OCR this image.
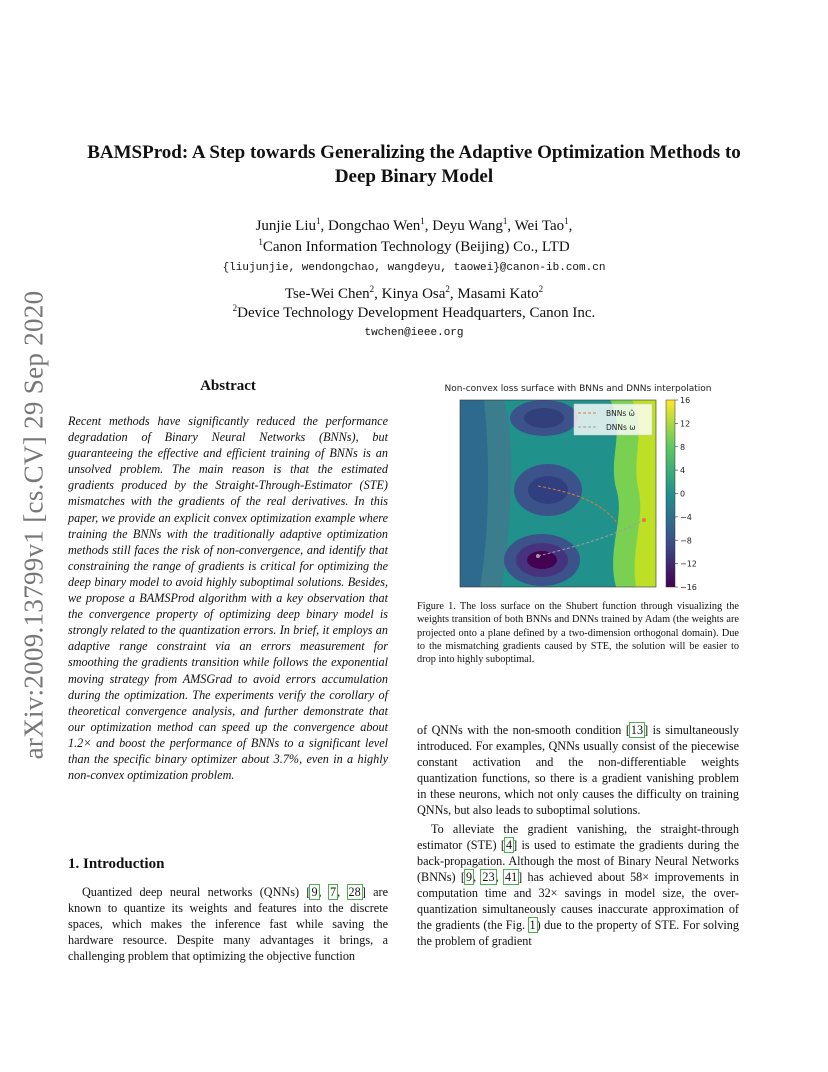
arXiv:2009.13799v1 [cs.CV] 29 Sep 2020
BAMSProd: A Step towards Generalizing the Adaptive Optimization Methods to
Deep Binary Model
Junjie Liu$^1$, Dongchao Wen$^1$, Deyu Wang$^1$, Wei Tao$^1$,
$^1$Canon Information Technology (Beijing) Co., LTD
{liujunjie, wendongchao, wangdeyu, taowei}@canon-ib.com.cn
Tse-Wei Chen$^2$, Kinya Osa$^2$, Masami Kato$^2$
$^2$Device Technology Development Headquarters, Canon Inc.
twchen@ieee.org
Abstract
Recent methods have significantly reduced the performance degradation of Binary Neural Networks (BNNs), but guaranteeing the effective and efficient training of BNNs is an unsolved problem. The main reason is that the estimated gradients produced by the Straight-Through-Estimator (STE) mismatches with the gradients of the real derivatives. In this paper, we provide an explicit convex optimization example where training the BNNs with the traditionally adaptive optimization methods still faces the risk of non-convergence, and identify that constraining the range of gradients is critical for optimizing the deep binary model to avoid highly suboptimal solutions. Besides, we propose a BAMSProd algorithm with a key observation that the convergence property of optimizing deep binary model is strongly related to the quantization errors. In brief, it employs an adaptive range constraint via an errors measurement for smoothing the gradients transition while follows the exponential moving strategy from AMSGrad to avoid errors accumulation during the optimization. The experiments verify the corollary of theoretical convergence analysis, and further demonstrate that our optimization method can speed up the convergence about 1.2× and boost the performance of BNNs to a significant level than the specific binary optimizer about 3.7%, even in a highly non-convex optimization problem.
1. Introduction
Quantized deep neural networks (QNNs) [9, 7, 28] are known to quantize its weights and features into the discrete spaces, which makes the inference fast while saving the hardware resource. Despite many advantages it brings, a challenging problem that optimizing the objective function
Non-convex loss surface with BNNs and DNNs interpolation
BNNs ω̂
DNNs ω
16
12
8
4
0
−4
−8
−12
−16
Figure 1. The loss surface on the Shubert function through visualizing the weights transition of both BNNs and DNNs trained by Adam (the weights are projected onto a plane defined by a two-dimension orthogonal domain). Due to the mismatching gradients caused by STE, the solution will be easier to drop into highly suboptimal.

of QNNs with the non-smooth condition [13] is simultaneously introduced. For examples, QNNs usually consist of the piecewise constant activation and the non-differentiable weights quantization functions, so there is a gradient vanishing problem in these neurons, which not only causes the difficulty on training QNNs, but also leads to suboptimal solutions.

To alleviate the gradient vanishing, the straight-through estimator (STE) [4] is used to estimate the gradients during the back-propagation. Although the most of Binary Neural Networks (BNNs) [9, 23, 41] has achieved about 58× improvements in computation time and 32× savings in model size, the over-quantization simultaneously causes inaccurate approximation of the gradients (the Fig. 1) due to the property of STE. For solving the problem of gradient
